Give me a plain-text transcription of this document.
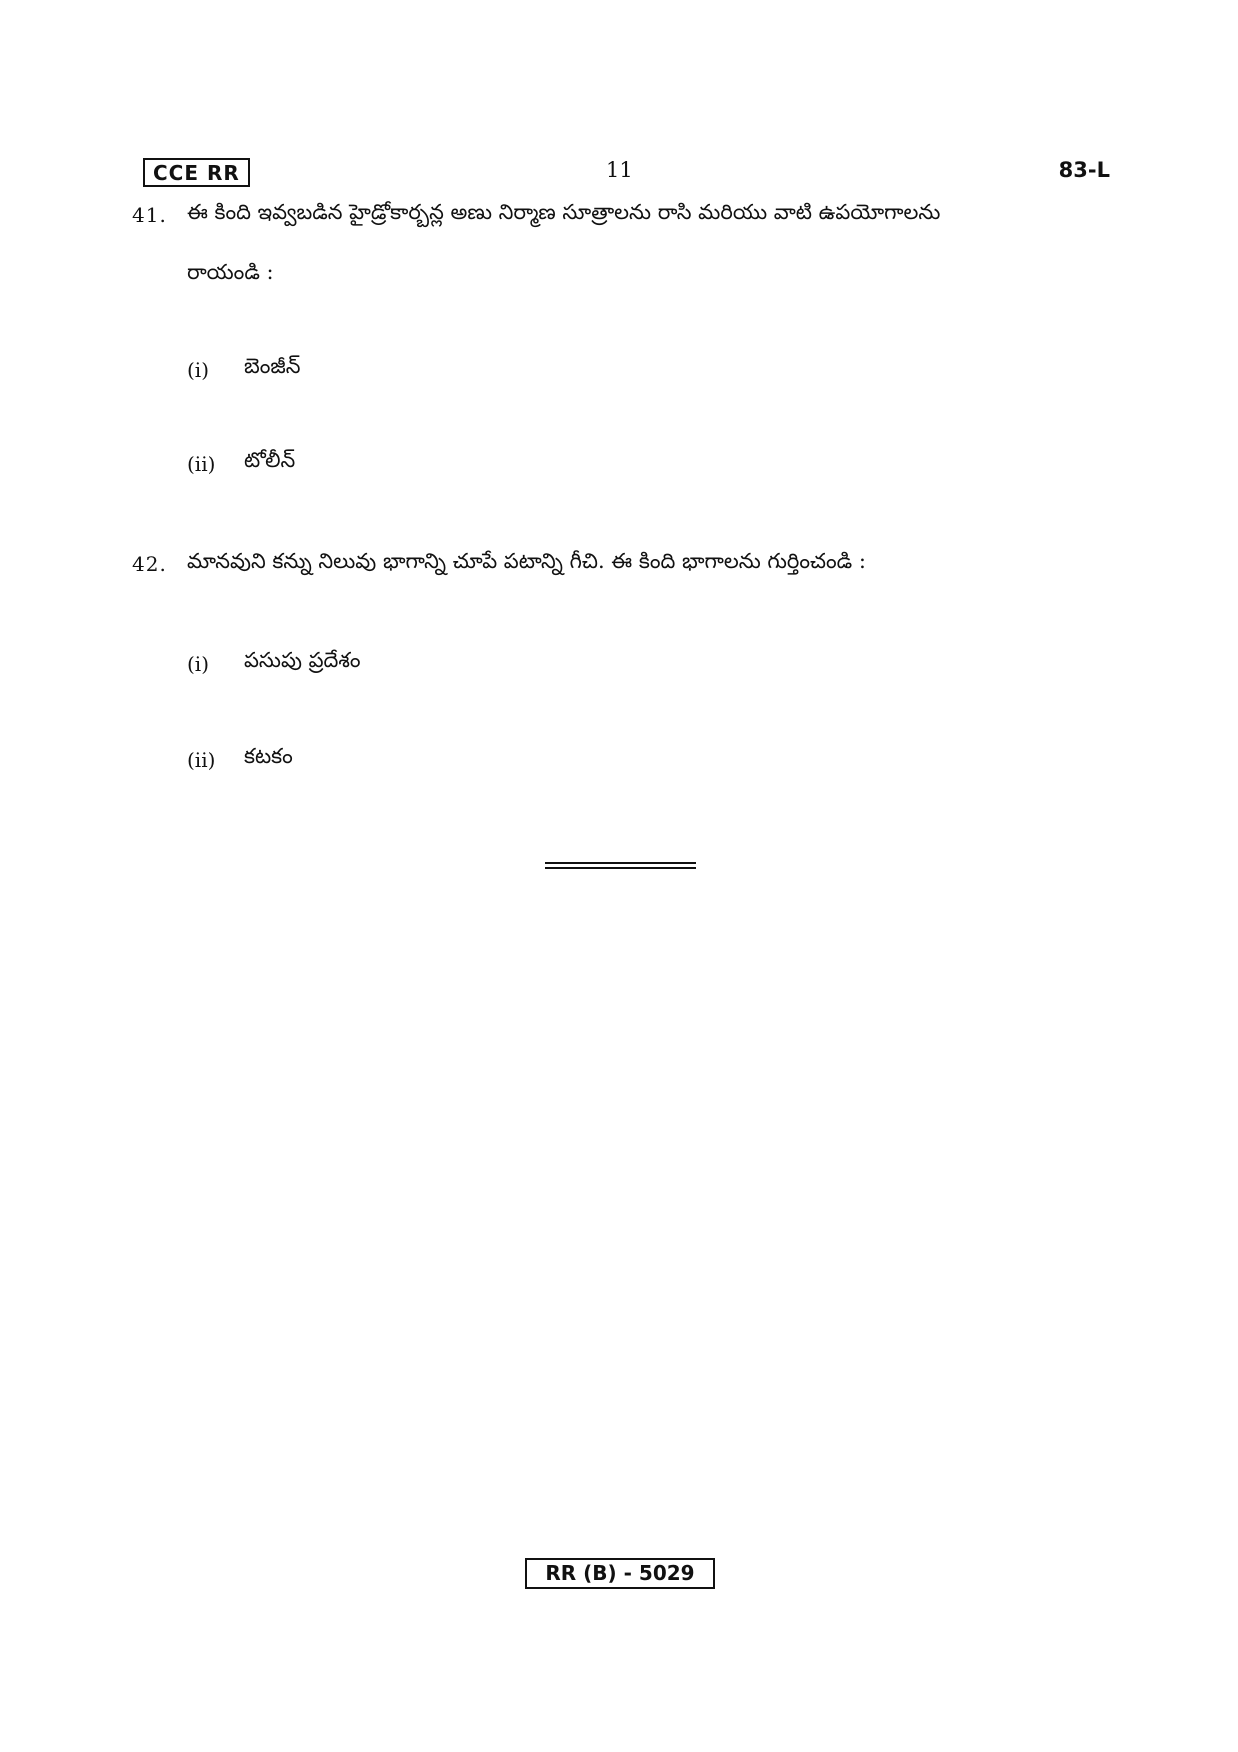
CCE RR	11	83-L
41. ఈ కింది ఇవ్వబడిన హైడ్రోకార్బన్ల అణు నిర్మాణ సూత్రాలను రాసి మరియు వాటి ఉపయోగాలను
రాయండి :
(i) బెంజీన్
(ii) టోలీన్
42. మానవుని కన్ను నిలువు భాగాన్ని చూపే పటాన్ని గీచి. ఈ కింది భాగాలను గుర్తించండి :
(i) పసుపు ప్రదేశం
(ii) కటకం
RR (B) - 5029
